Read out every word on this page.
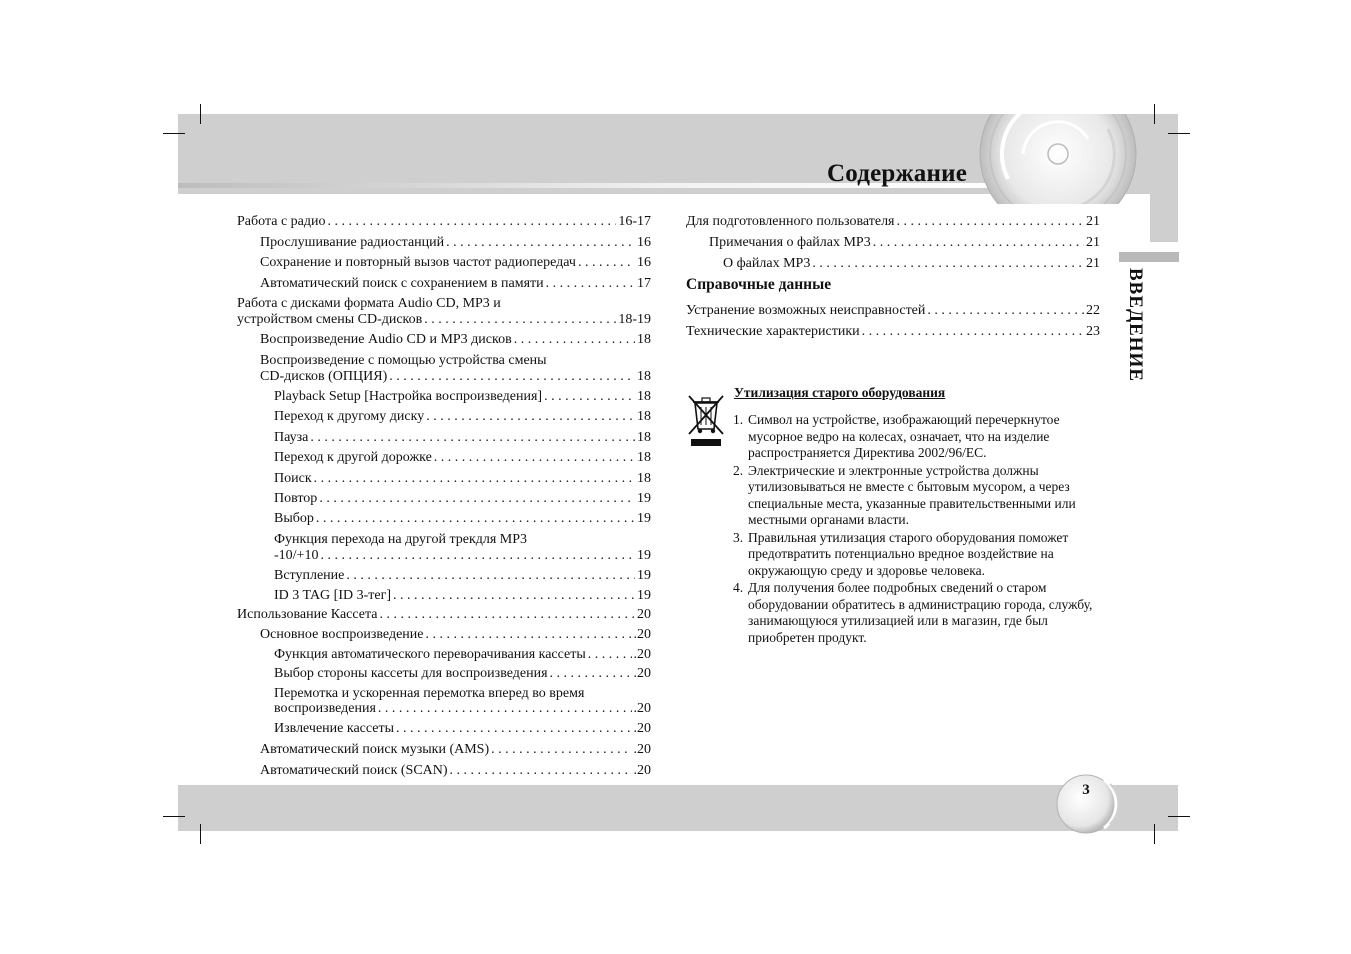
Содержание
ВВЕДЕНИЕ
Работа с радио . . .	16-17
Прослушивание радиостанций . . .	16
Сохранение и повторный вызов частот радиопередач . . .	16
Автоматический поиск с сохранением в памяти . . .	17
Работа с дисками формата Audio CD, MP3 и
устройством смены CD-дисков . . .	18-19
Воспроизведение Audio CD и MP3 дисков . . .	18
Воспроизведение с помощью устройства смены
CD-дисков (ОПЦИЯ) . . .	18
Playback Setup [Настройка воспроизведения] . . .	18
Переход к другому диску . . .	18
Пауза . . .	18
Переход к другой дорожке . . .	18
Поиск . . .	18
Повтор . . .	19
Выбор . . .	19
Функция перехода на другой трекдля MP3
-10/+10 . . .	19
Вступление . . .	19
ID 3 TAG [ID 3-тег] . . .	19
Использование Кассета . . .	20
Основное воспроизведение . . .	.20
Функция автоматического переворачивания кассеты . . .	.20
Выбор стороны кассеты для воспроизведения . . .	.20
Перемотка и ускоренная перемотка вперед во время
воспроизведения . . .	.20
Извлечение кассеты . . .	.20
Автоматический поиск музыки (AMS) . . .	.20
Автоматический поиск (SCAN) . . .	.20
Для подготовленного пользователя . . .	21
Примечания о файлах MP3 . . .	21
О файлах MP3 . . .	21
Справочные данные
Устранение возможных неисправностей . . .	22
Технические характеристики . . .	23
Утилизация старого оборудования
1. Символ на устройстве, изображающий перечеркнутое мусорное ведро на колесах, означает, что на изделие распространяется Директива 2002/96/EC.
2. Электрические и электронные устройства должны утилизовываться не вместе с бытовым мусором, а через специальные места, указанные правительственными или местными органами власти.
3. Правильная утилизация старого оборудования поможет предотвратить потенциально вредное воздействие на окружающую среду и здоровье человека.
4. Для получения более подробных сведений о старом оборудовании обратитесь в администрацию города, службу, занимающуюся утилизацией или в магазин, где был приобретен продукт.
3
